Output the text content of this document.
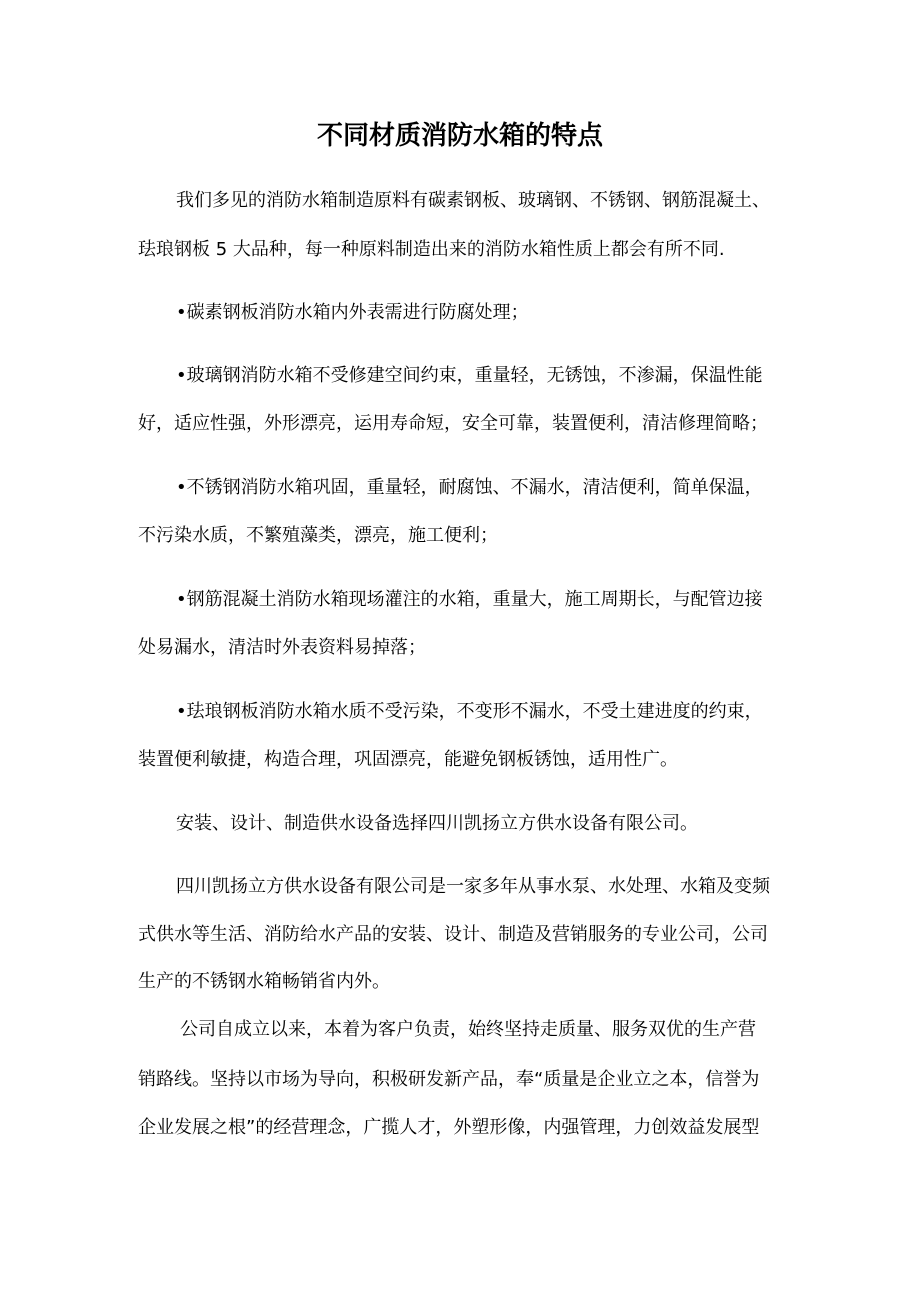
不同材质消防水箱的特点
我们多见的消防水箱制造原料有碳素钢板、玻璃钢、不锈钢、钢筋混凝土、
珐琅钢板 5 大品种，每一种原料制造出来的消防水箱性质上都会有所不同.
•碳素钢板消防水箱内外表需进行防腐处理；
•玻璃钢消防水箱不受修建空间约束，重量轻，无锈蚀，不渗漏，保温性能
好，适应性强，外形漂亮，运用寿命短，安全可靠，装置便利，清洁修理简略；
•不锈钢消防水箱巩固，重量轻，耐腐蚀、不漏水，清洁便利，简单保温，
不污染水质，不繁殖藻类，漂亮，施工便利；
•钢筋混凝土消防水箱现场灌注的水箱，重量大，施工周期长，与配管边接
处易漏水，清洁时外表资料易掉落；
•珐琅钢板消防水箱水质不受污染，不变形不漏水，不受土建进度的约束，
装置便利敏捷，构造合理，巩固漂亮，能避免钢板锈蚀，适用性广。
安装、设计、制造供水设备选择四川凯扬立方供水设备有限公司。
四川凯扬立方供水设备有限公司是一家多年从事水泵、水处理、水箱及变频
式供水等生活、消防给水产品的安装、设计、制造及营销服务的专业公司，公司
生产的不锈钢水箱畅销省内外。
公司自成立以来，本着为客户负责，始终坚持走质量、服务双优的生产营
销路线。坚持以市场为导向，积极研发新产品，奉“质量是企业立之本，信誉为
企业发展之根”的经营理念，广揽人才，外塑形像，内强管理，力创效益发展型
